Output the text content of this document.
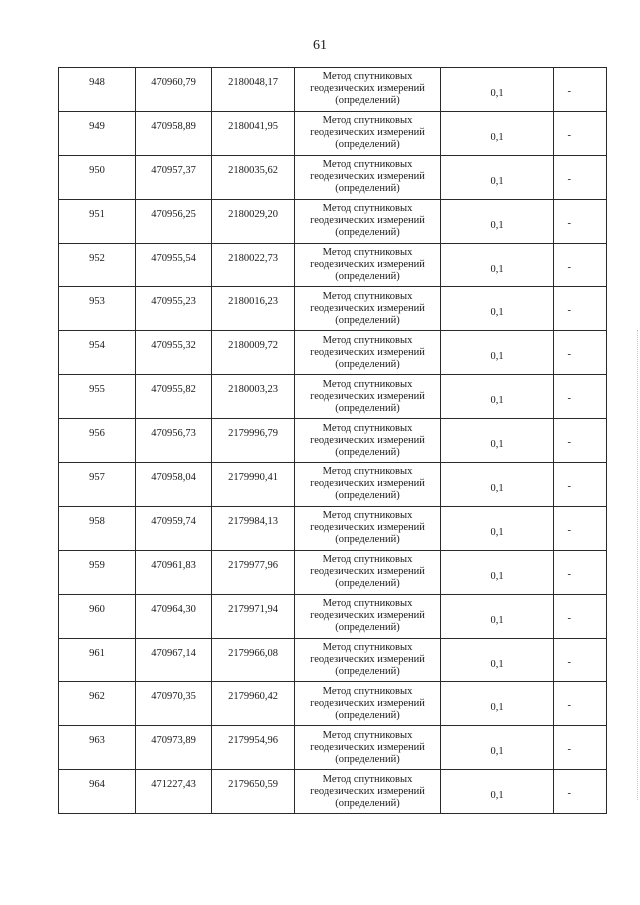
61
948	470960,79	2180048,17	Метод спутниковых
геодезических измерений
(определений)	0,1	-
949	470958,89	2180041,95	Метод спутниковых
геодезических измерений
(определений)	0,1	-
950	470957,37	2180035,62	Метод спутниковых
геодезических измерений
(определений)	0,1	-
951	470956,25	2180029,20	Метод спутниковых
геодезических измерений
(определений)	0,1	-
952	470955,54	2180022,73	Метод спутниковых
геодезических измерений
(определений)	0,1	-
953	470955,23	2180016,23	Метод спутниковых
геодезических измерений
(определений)	0,1	-
954	470955,32	2180009,72	Метод спутниковых
геодезических измерений
(определений)	0,1	-
955	470955,82	2180003,23	Метод спутниковых
геодезических измерений
(определений)	0,1	-
956	470956,73	2179996,79	Метод спутниковых
геодезических измерений
(определений)	0,1	-
957	470958,04	2179990,41	Метод спутниковых
геодезических измерений
(определений)	0,1	-
958	470959,74	2179984,13	Метод спутниковых
геодезических измерений
(определений)	0,1	-
959	470961,83	2179977,96	Метод спутниковых
геодезических измерений
(определений)	0,1	-
960	470964,30	2179971,94	Метод спутниковых
геодезических измерений
(определений)	0,1	-
961	470967,14	2179966,08	Метод спутниковых
геодезических измерений
(определений)	0,1	-
962	470970,35	2179960,42	Метод спутниковых
геодезических измерений
(определений)	0,1	-
963	470973,89	2179954,96	Метод спутниковых
геодезических измерений
(определений)	0,1	-
964	471227,43	2179650,59	Метод спутниковых
геодезических измерений
(определений)	0,1	-
